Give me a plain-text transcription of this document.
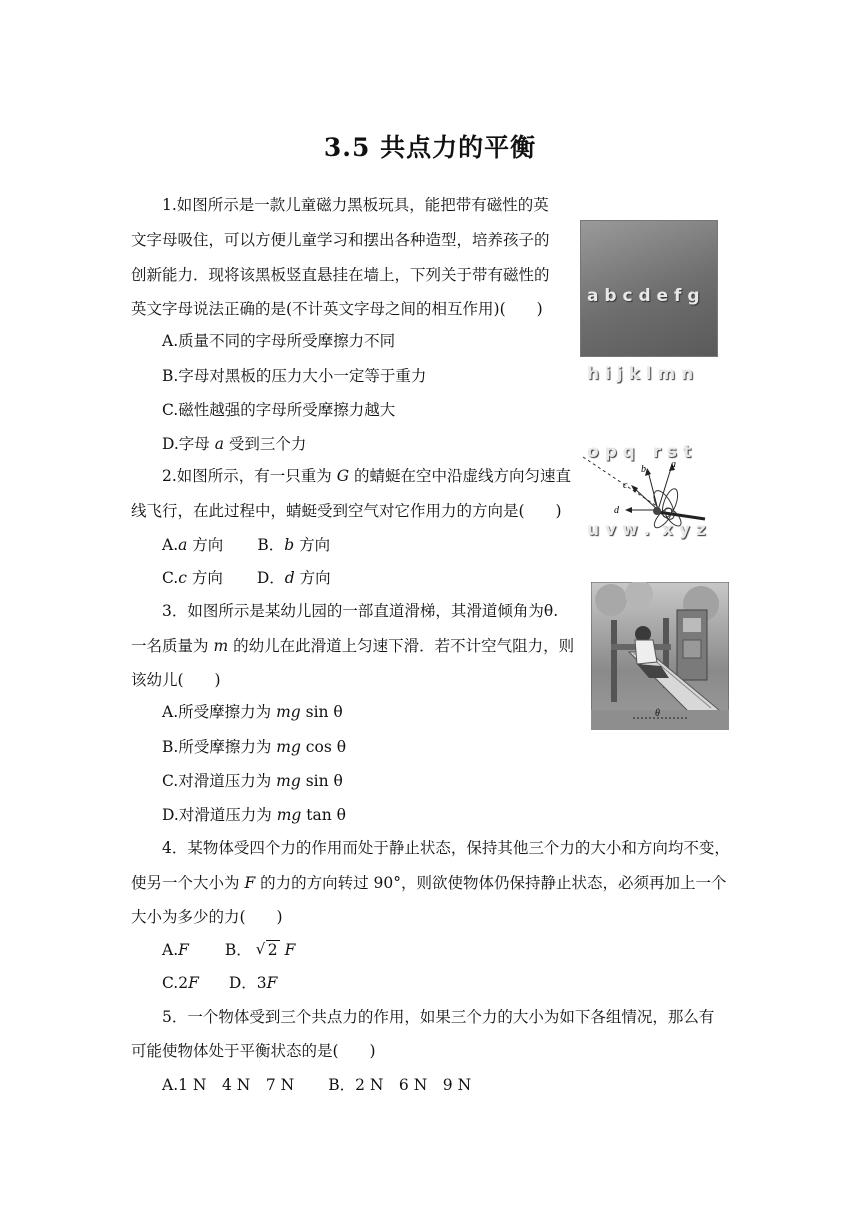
3.5 共点力的平衡
1.如图所示是一款儿童磁力黑板玩具，能把带有磁性的英
文字母吸住，可以方便儿童学习和摆出各种造型，培养孩子的
创新能力．现将该黑板竖直悬挂在墙上，下列关于带有磁性的
英文字母说法正确的是(不计英文字母之间的相互作用)(　　)
A.质量不同的字母所受摩擦力不同
B.字母对黑板的压力大小一定等于重力
C.磁性越强的字母所受摩擦力越大
D.字母 a 受到三个力

a b c d e f g

h i j k l m n

o p q   r s t

u v w .  x y z

2.如图所示，有一只重为 G 的蜻蜓在空中沿虚线方向匀速直
线飞行，在此过程中，蜻蜓受到空气对它作用力的方向是(　　)
A.a 方向 B．b 方向
C.c 方向 D．d 方向
a
b
c
d
3．如图所示是某幼儿园的一部直道滑梯，其滑道倾角为θ.
一名质量为 m 的幼儿在此滑道上匀速下滑．若不计空气阻力，则
该幼儿(　　)
A.所受摩擦力为 mg sin θ
B.所受摩擦力为 mg cos θ
C.对滑道压力为 mg sin θ
D.对滑道压力为 mg tan θ
θ
4．某物体受四个力的作用而处于静止状态，保持其他三个力的大小和方向均不变，
使另一个大小为 F 的力的方向转过 90°，则欲使物体仍保持静止状态，必须再加上一个
大小为多少的力(　　)
A.F B．√ 2 F
C.2F D．3F
5．一个物体受到三个共点力的作用，如果三个力的大小为如下各组情况，那么有
可能使物体处于平衡状态的是(　　)
A.1 N　4 N　7 N B．2 N　6 N　9 N
